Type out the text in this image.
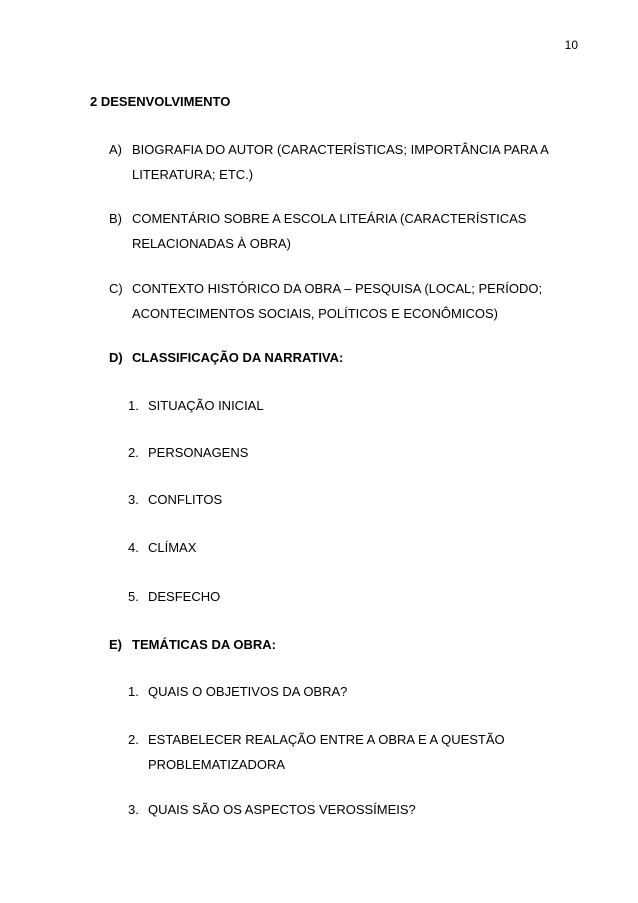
10
2 DESENVOLVIMENTO
A) BIOGRAFIA DO AUTOR (CARACTERÍSTICAS; IMPORTÂNCIA PARA A LITERATURA; ETC.)
B) COMENTÁRIO SOBRE A ESCOLA LITEÁRIA (CARACTERÍSTICAS RELACIONADAS À OBRA)
C) CONTEXTO HISTÓRICO DA OBRA – PESQUISA (LOCAL; PERÍODO; ACONTECIMENTOS SOCIAIS, POLÍTICOS E ECONÔMICOS)
D) CLASSIFICAÇÃO DA NARRATIVA:
1. SITUAÇÃO INICIAL
2. PERSONAGENS
3. CONFLITOS
4. CLÍMAX
5. DESFECHO
E) TEMÁTICAS DA OBRA:
1. QUAIS O OBJETIVOS DA OBRA?
2. ESTABELECER REALAÇÃO ENTRE A OBRA E A QUESTÃO PROBLEMATIZADORA
3. QUAIS SÃO OS ASPECTOS VEROSSÍMEIS?
